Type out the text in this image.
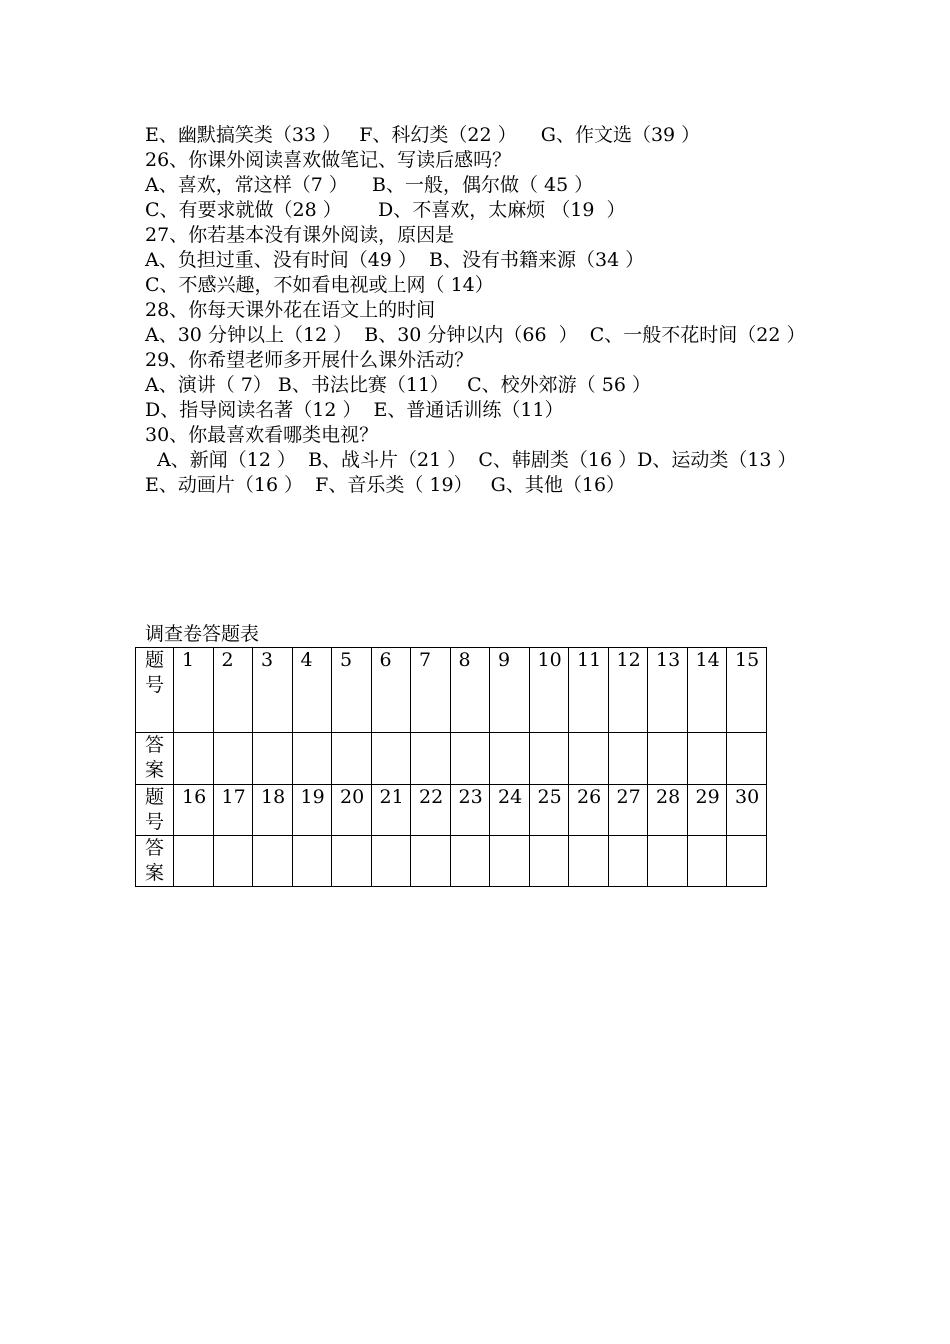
E、幽默搞笑类（33 ）   F、科幻类（22 ）    G、作文选（39 ）
26、你课外阅读喜欢做笔记、写读后感吗？
A、喜欢，常这样（7 ）    B、一般，偶尔做（ 45 ）
C、有要求就做（28 ）      D、不喜欢，太麻烦 （19  ）
27、你若基本没有课外阅读，原因是
A、负担过重、没有时间（49 ）  B、没有书籍来源（34 ）
C、不感兴趣，不如看电视或上网（ 14）
28、你每天课外花在语文上的时间
A、30 分钟以上（12 ）  B、30 分钟以内（66  ）  C、一般不花时间（22 ）
29、你希望老师多开展什么课外活动？
A、演讲（ 7） B、书法比赛（11）   C、校外郊游（ 56 ）
D、指导阅读名著（12 ）  E、普通话训练（11）
30、你最喜欢看哪类电视？
A、新闻（12 ）  B、战斗片（21 ）  C、韩剧类（16 ）D、运动类（13 ）
E、动画片（16 ）  F、音乐类（ 19）   G、其他（16）
调查卷答题表
题号	1	2	3	4	5	6	7	8	9	10	11	12	13	14	15

答案															

题号	16	17	18	19	20	21	22	23	24	25	26	27	28	29	30

答案															
